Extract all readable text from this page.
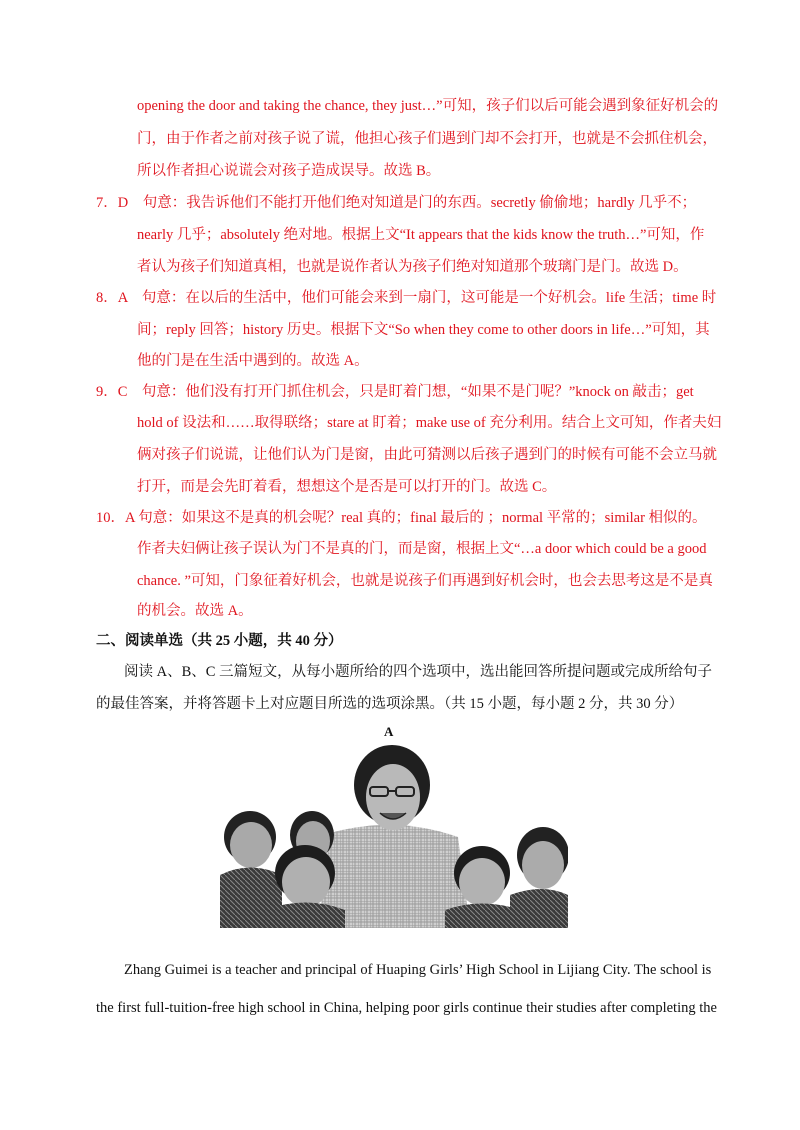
opening the door and taking the chance, they just…”可知，孩子们以后可能会遇到象征好机会的
门，由于作者之前对孩子说了谎，他担心孩子们遇到门却不会打开，也就是不会抓住机会，
所以作者担心说谎会对孩子造成误导。故选 B。
7．D　句意：我告诉他们不能打开他们绝对知道是门的东西。secretly 偷偷地；hardly 几乎不；
nearly 几乎；absolutely 绝对地。根据上文“It appears that the kids know the truth…”可知，作
者认为孩子们知道真相，也就是说作者认为孩子们绝对知道那个玻璃门是门。故选 D。
8．A　句意：在以后的生活中，他们可能会来到一扇门，这可能是一个好机会。life 生活；time 时
间；reply 回答；history 历史。根据下文“So when they come to other doors in life…”可知，其
他的门是在生活中遇到的。故选 A。
9．C　句意：他们没有打开门抓住机会，只是盯着门想，“如果不是门呢？”knock on 敲击；get
hold of 设法和……取得联络；stare at 盯着；make use of 充分利用。结合上文可知，作者夫妇
俩对孩子们说谎，让他们认为门是窗，由此可猜测以后孩子遇到门的时候有可能不会立马就
打开，而是会先盯着看，想想这个是否是可以打开的门。故选 C。
10．A 句意：如果这不是真的机会呢？real 真的；final 最后的 ；normal 平常的；similar 相似的。
作者夫妇俩让孩子误认为门不是真的门，而是窗，根据上文“…a door which could be a good
chance. ”可知，门象征着好机会，也就是说孩子们再遇到好机会时，也会去思考这是不是真
的机会。故选 A。
二、阅读单选（共 25 小题，共 40 分）
阅读 A、B、C 三篇短文，从每小题所给的四个选项中，选出能回答所提问题或完成所给句子
的最佳答案，并将答题卡上对应题目所选的选项涂黑。（共 15 小题，每小题 2 分，共 30 分）
A
Zhang Guimei is a teacher and principal of Huaping Girls’ High School in Lijiang City. The school is
the first full-tuition-free high school in China, helping poor girls continue their studies after completing the
